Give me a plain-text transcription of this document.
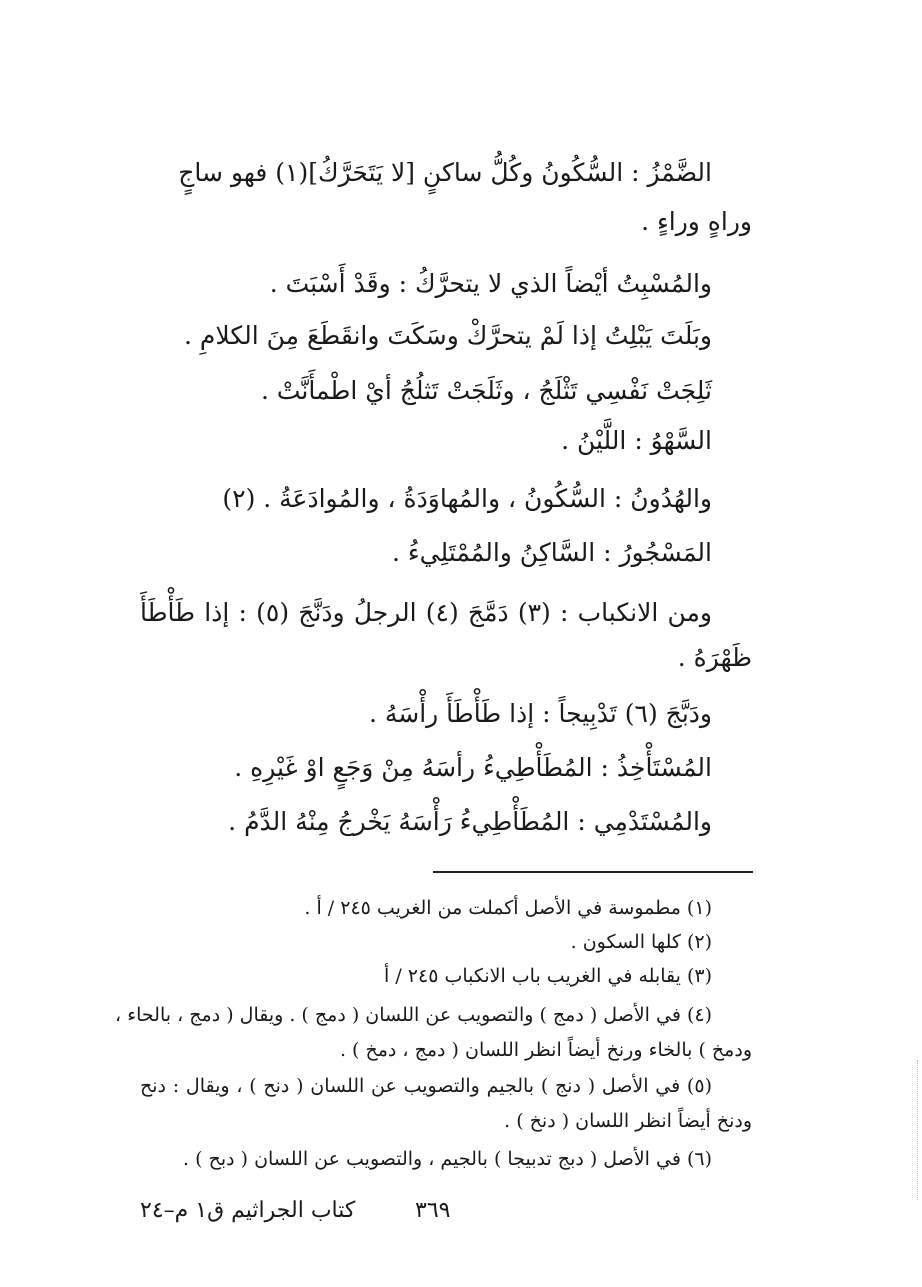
الضَّمْزُ : السُّكُونُ وكُلُّ ساكنٍ [لا يَتَحَرَّكُ](١) فهو ساجٍ
وراهٍ وراءٍ .
والمُسْبِتُ أيْضاً الذي لا يتحرَّكُ : وقَدْ أَسْبَتَ .
وبَلَتَ يَبْلِتُ إذا لَمْ يتحرَّكْ وسَكَتَ وانقَطَعَ مِنَ الكلامِ .
ثَلِجَتْ نَفْسِي تَثْلَجُ ، وثَلَجَتْ تَثلُجُ أيْ اطْمأَنَّتْ .
السَّهْوُ : اللَّيْنُ .
والهُدُونُ : السُّكُونُ ، والمُهاوَدَةُ ، والمُوادَعَةُ . (٢)
المَسْجُورُ : السَّاكِنُ والمُمْتَلِيءُ .
ومن الانكباب : (٣) دَمَّجَ (٤) الرجلُ ودَنَّجَ (٥) : إذا طَأْطَأَ
ظَهْرَهُ .
ودَبَّجَ (٦) تَدْبِيجاً : إذا طَأْطَأَ رأْسَهُ .
المُسْتَأْخِذُ : المُطَأْطِيءُ رأسَهُ مِنْ وَجَعٍ اوْ غَيْرِهِ .
والمُسْتَدْمِي : المُطَأْطِيءُ رَأْسَهُ يَخْرجُ مِنْهُ الدَّمُ .
(١) مطموسة في الأصل أكملت من الغريب ٢٤٥ / أ .
(٢) كلها السكون .
(٣) يقابله في الغريب باب الانكباب ٢٤٥ / أ
(٤) في الأصل ( دمج ) والتصويب عن اللسان ( دمج ) . ويقال ( دمج ، بالحاء ،
ودمخ ) بالخاء ورنخ أيضاً انظر اللسان ( دمج ، دمخ ) .
(٥) في الأصل ( دنج ) بالجيم والتصويب عن اللسان ( دنح ) ، ويقال : دنح
ودنخ أيضاً انظر اللسان ( دنخ ) .
(٦) في الأصل ( دبج تدبيجا ) بالجيم ، والتصويب عن اللسان ( دبح ) .
٣٦٩
كتاب الجراثيم ق١ م–٢٤
